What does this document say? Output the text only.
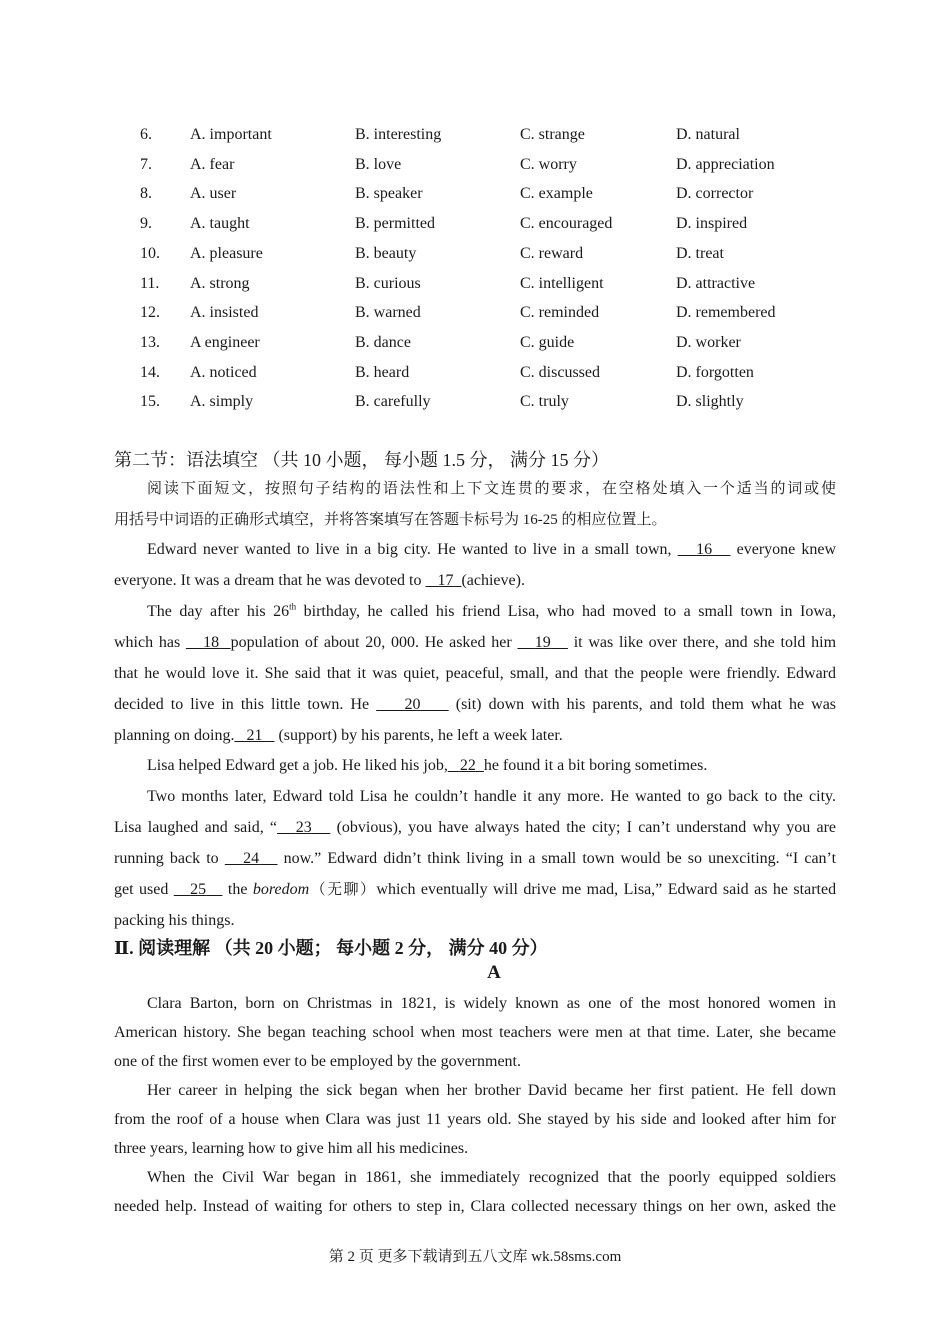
6. A. important	B. interesting	C. strange	D. natural
7. A. fear	B. love	C. worry	D. appreciation
8. A. user	B. speaker	C. example	D. corrector
9. A. taught	B. permitted	C. encouraged	D. inspired
10. A. pleasure	B. beauty	C. reward	D. treat
11. A. strong	B. curious	C. intelligent	D. attractive
12. A. insisted	B. warned	C. reminded	D. remembered
13. A engineer	B. dance	C. guide	D. worker
14. A. noticed	B. heard	C. discussed	D. forgotten
15. A. simply	B. carefully	C. truly	D. slightly
第二节：语法填空 （共 10 小题， 每小题 1.5 分， 满分 15 分）
阅读下面短文，按照句子结构的语法性和上下文连贯的要求，在空格处填入一个适当的词或使
用括号中词语的正确形式填空，并将答案填写在答题卡标号为 16-25 的相应位置上。
Edward never wanted to live in a big city. He wanted to live in a small town, 16 everyone knew
everyone. It was a dream that he was devoted to 17 (achieve).
The day after his 26th birthday, he called his friend Lisa, who had moved to a small town in Iowa,
which has 18 population of about 20, 000. He asked her 19 it was like over there, and she told him
that he would love it. She said that it was quiet, peaceful, small, and that the people were friendly. Edward
decided to live in this little town. He 20 (sit) down with his parents, and told them what he was
planning on doing. 21 (support) by his parents, he left a week later.
Lisa helped Edward get a job. He liked his job, 22 he found it a bit boring sometimes.
Two months later, Edward told Lisa he couldn’t handle it any more. He wanted to go back to the city.
Lisa laughed and said, “ 23 (obvious), you have always hated the city; I can’t understand why you are
running back to 24 now.” Edward didn’t think living in a small town would be so unexciting. “I can’t
get used 25 the boredom（无聊）which eventually will drive me mad, Lisa,” Edward said as he started
packing his things.
Ⅱ. 阅读理解 （共 20 小题； 每小题 2 分， 满分 40 分）
A
Clara Barton, born on Christmas in 1821, is widely known as one of the most honored women in
American history. She began teaching school when most teachers were men at that time. Later, she became
one of the first women ever to be employed by the government.
Her career in helping the sick began when her brother David became her first patient. He fell down
from the roof of a house when Clara was just 11 years old. She stayed by his side and looked after him for
three years, learning how to give him all his medicines.
When the Civil War began in 1861, she immediately recognized that the poorly equipped soldiers
needed help. Instead of waiting for others to step in, Clara collected necessary things on her own, asked the
第 2 页 更多下载请到五八文库 wk.58sms.com
